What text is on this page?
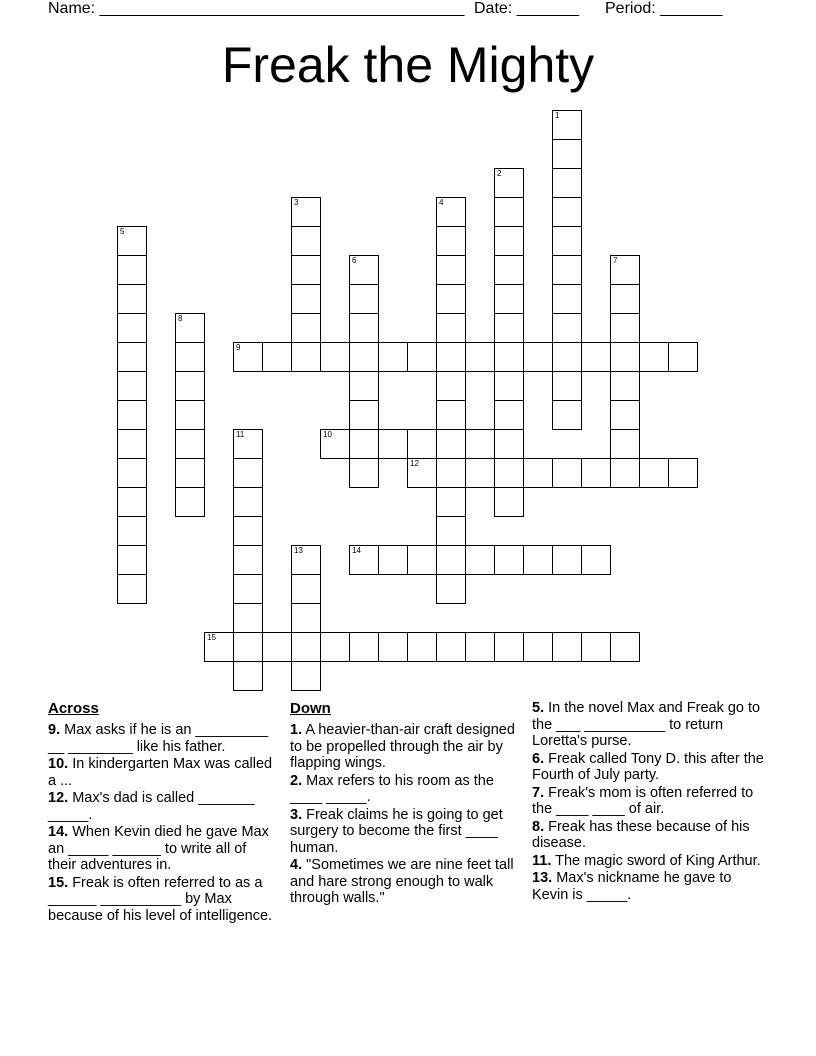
Name: _________________________________________ Date: _______ Period: _______
Freak the Mighty
1
2
3	4
5
6	7
8
9
10
11
12
13	14
15
Across
9. Max asks if he is an _________ __ ________ like his father.
10. In kindergarten Max was called a ...
12. Max's dad is called _______ _____.
14. When Kevin died he gave Max an _____ ______ to write all of their adventures in.
15. Freak is often referred to as a ______ __________ by Max because of his level of intelligence.
Down
1. A heavier-than-air craft designed to be propelled through the air by flapping wings.
2. Max refers to his room as the ____ _____.
3. Freak claims he is going to get surgery to become the first ____ human.
4. "Sometimes we are nine feet tall and hare strong enough to walk through walls."
5. In the novel Max and Freak go to the ___ __________ to return Loretta's purse.
6. Freak called Tony D. this after the Fourth of July party.
7. Freak's mom is often referred to the ____ ____ of air.
8. Freak has these because of his disease.
11. The magic sword of King Arthur.
13. Max's nickname he gave to Kevin is _____.
